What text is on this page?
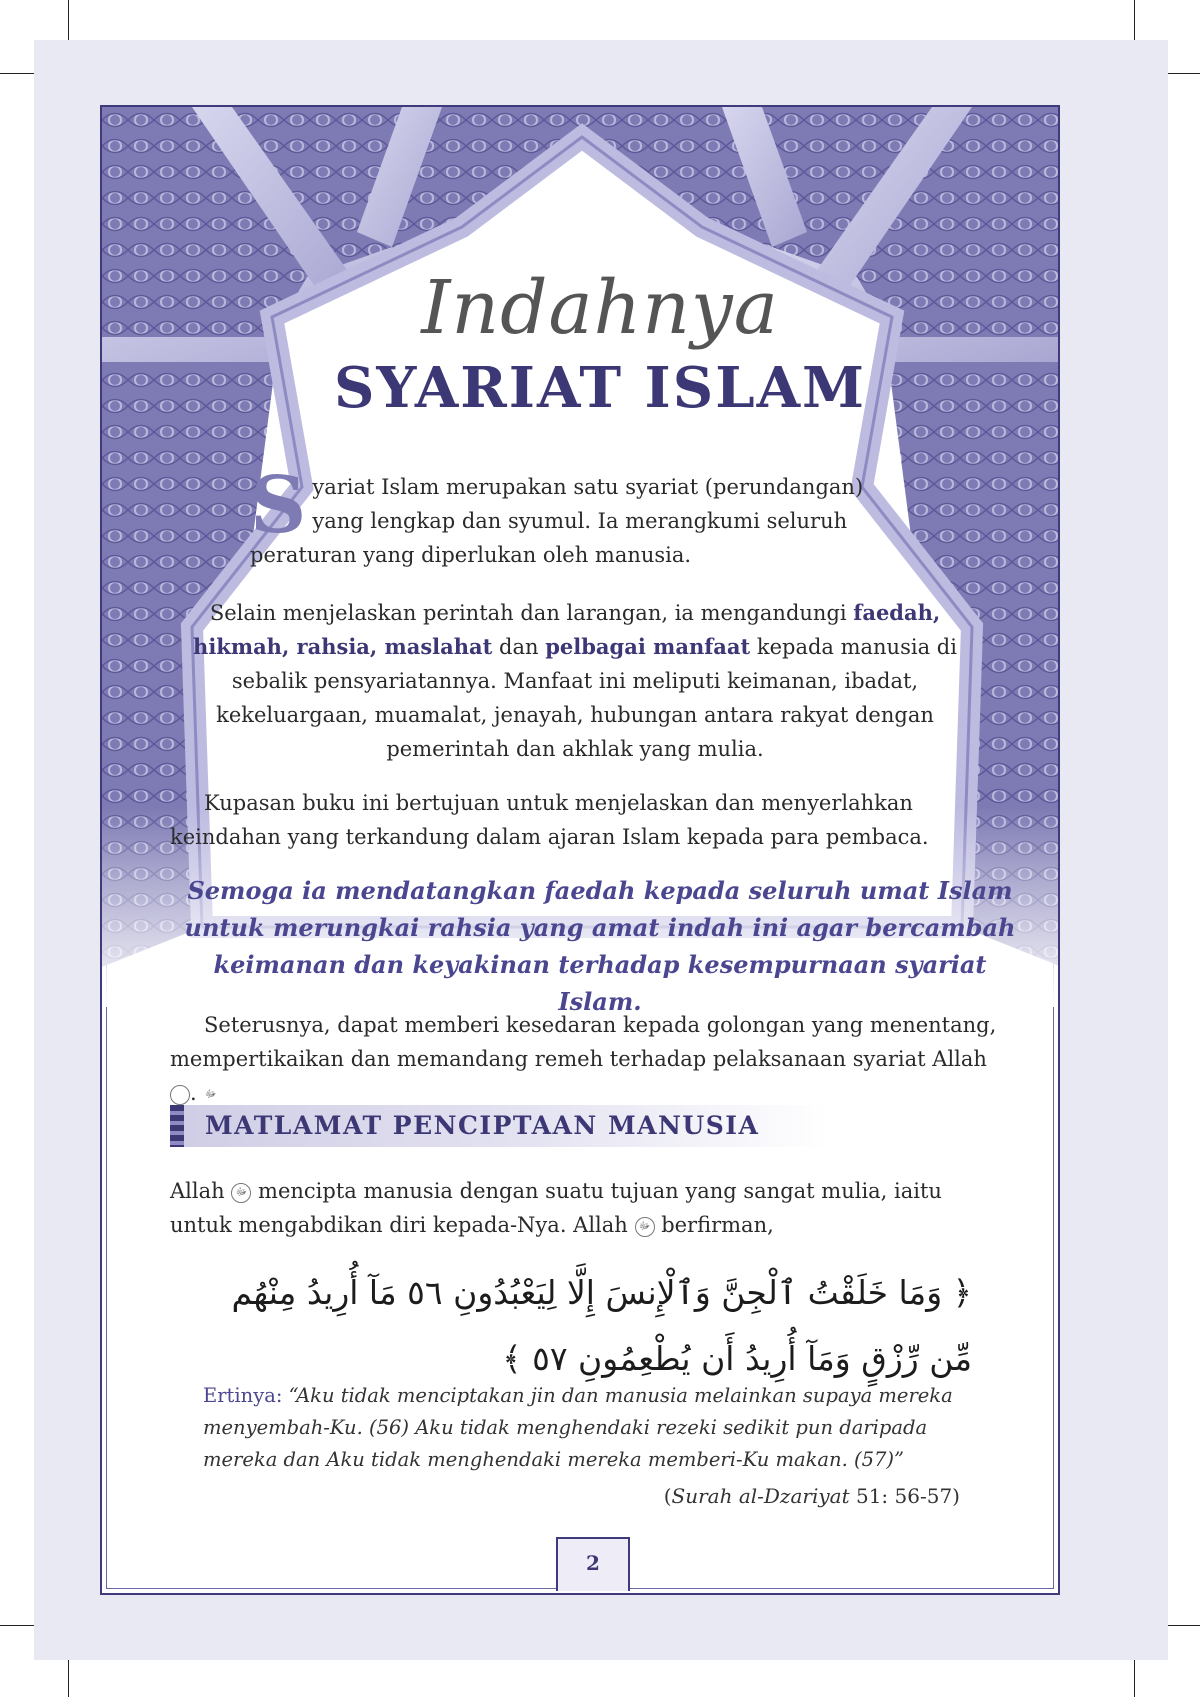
Indahnya
SYARIAT ISLAM
S yariat Islam merupakan satu syariat (perundangan) yang lengkap dan syumul. Ia merangkumi seluruh peraturan yang diperlukan oleh manusia.
Selain menjelaskan perintah dan larangan, ia mengandungi faedah, hikmah, rahsia, maslahat dan pelbagai manfaat kepada manusia di sebalik pensyariatannya. Manfaat ini meliputi keimanan, ibadat, kekeluargaan, muamalat, jenayah, hubungan antara rakyat dengan pemerintah dan akhlak yang mulia.
Kupasan buku ini bertujuan untuk menjelaskan dan menyerlahkan keindahan yang terkandung dalam ajaran Islam kepada para pembaca.
Semoga ia mendatangkan faedah kepada seluruh umat Islam untuk merungkai rahsia yang amat indah ini agar bercambah keimanan dan keyakinan terhadap kesempurnaan syariat Islam.
Seterusnya, dapat memberi kesedaran kepada golongan yang menentang, mempertikaikan dan memandang remeh terhadap pelaksanaan syariat Allah ﷻ.
MATLAMAT PENCIPTAAN MANUSIA
Allah ﷻ mencipta manusia dengan suatu tujuan yang sangat mulia, iaitu untuk mengabdikan diri kepada-Nya. Allah ﷻ berfirman,
﴿ وَمَا خَلَقْتُ ٱلْجِنَّ وَٱلْإِنسَ إِلَّا لِيَعْبُدُونِ ٥٦ مَآ أُرِيدُ مِنْهُم مِّن رِّزْقٍ وَمَآ أُرِيدُ أَن يُطْعِمُونِ ٥٧ ﴾
Ertinya: “Aku tidak menciptakan jin dan manusia melainkan supaya mereka menyembah-Ku. (56) Aku tidak menghendaki rezeki sedikit pun daripada mereka dan Aku tidak menghendaki mereka memberi-Ku makan. (57)”
(Surah al-Dzariyat 51: 56-57)
2
